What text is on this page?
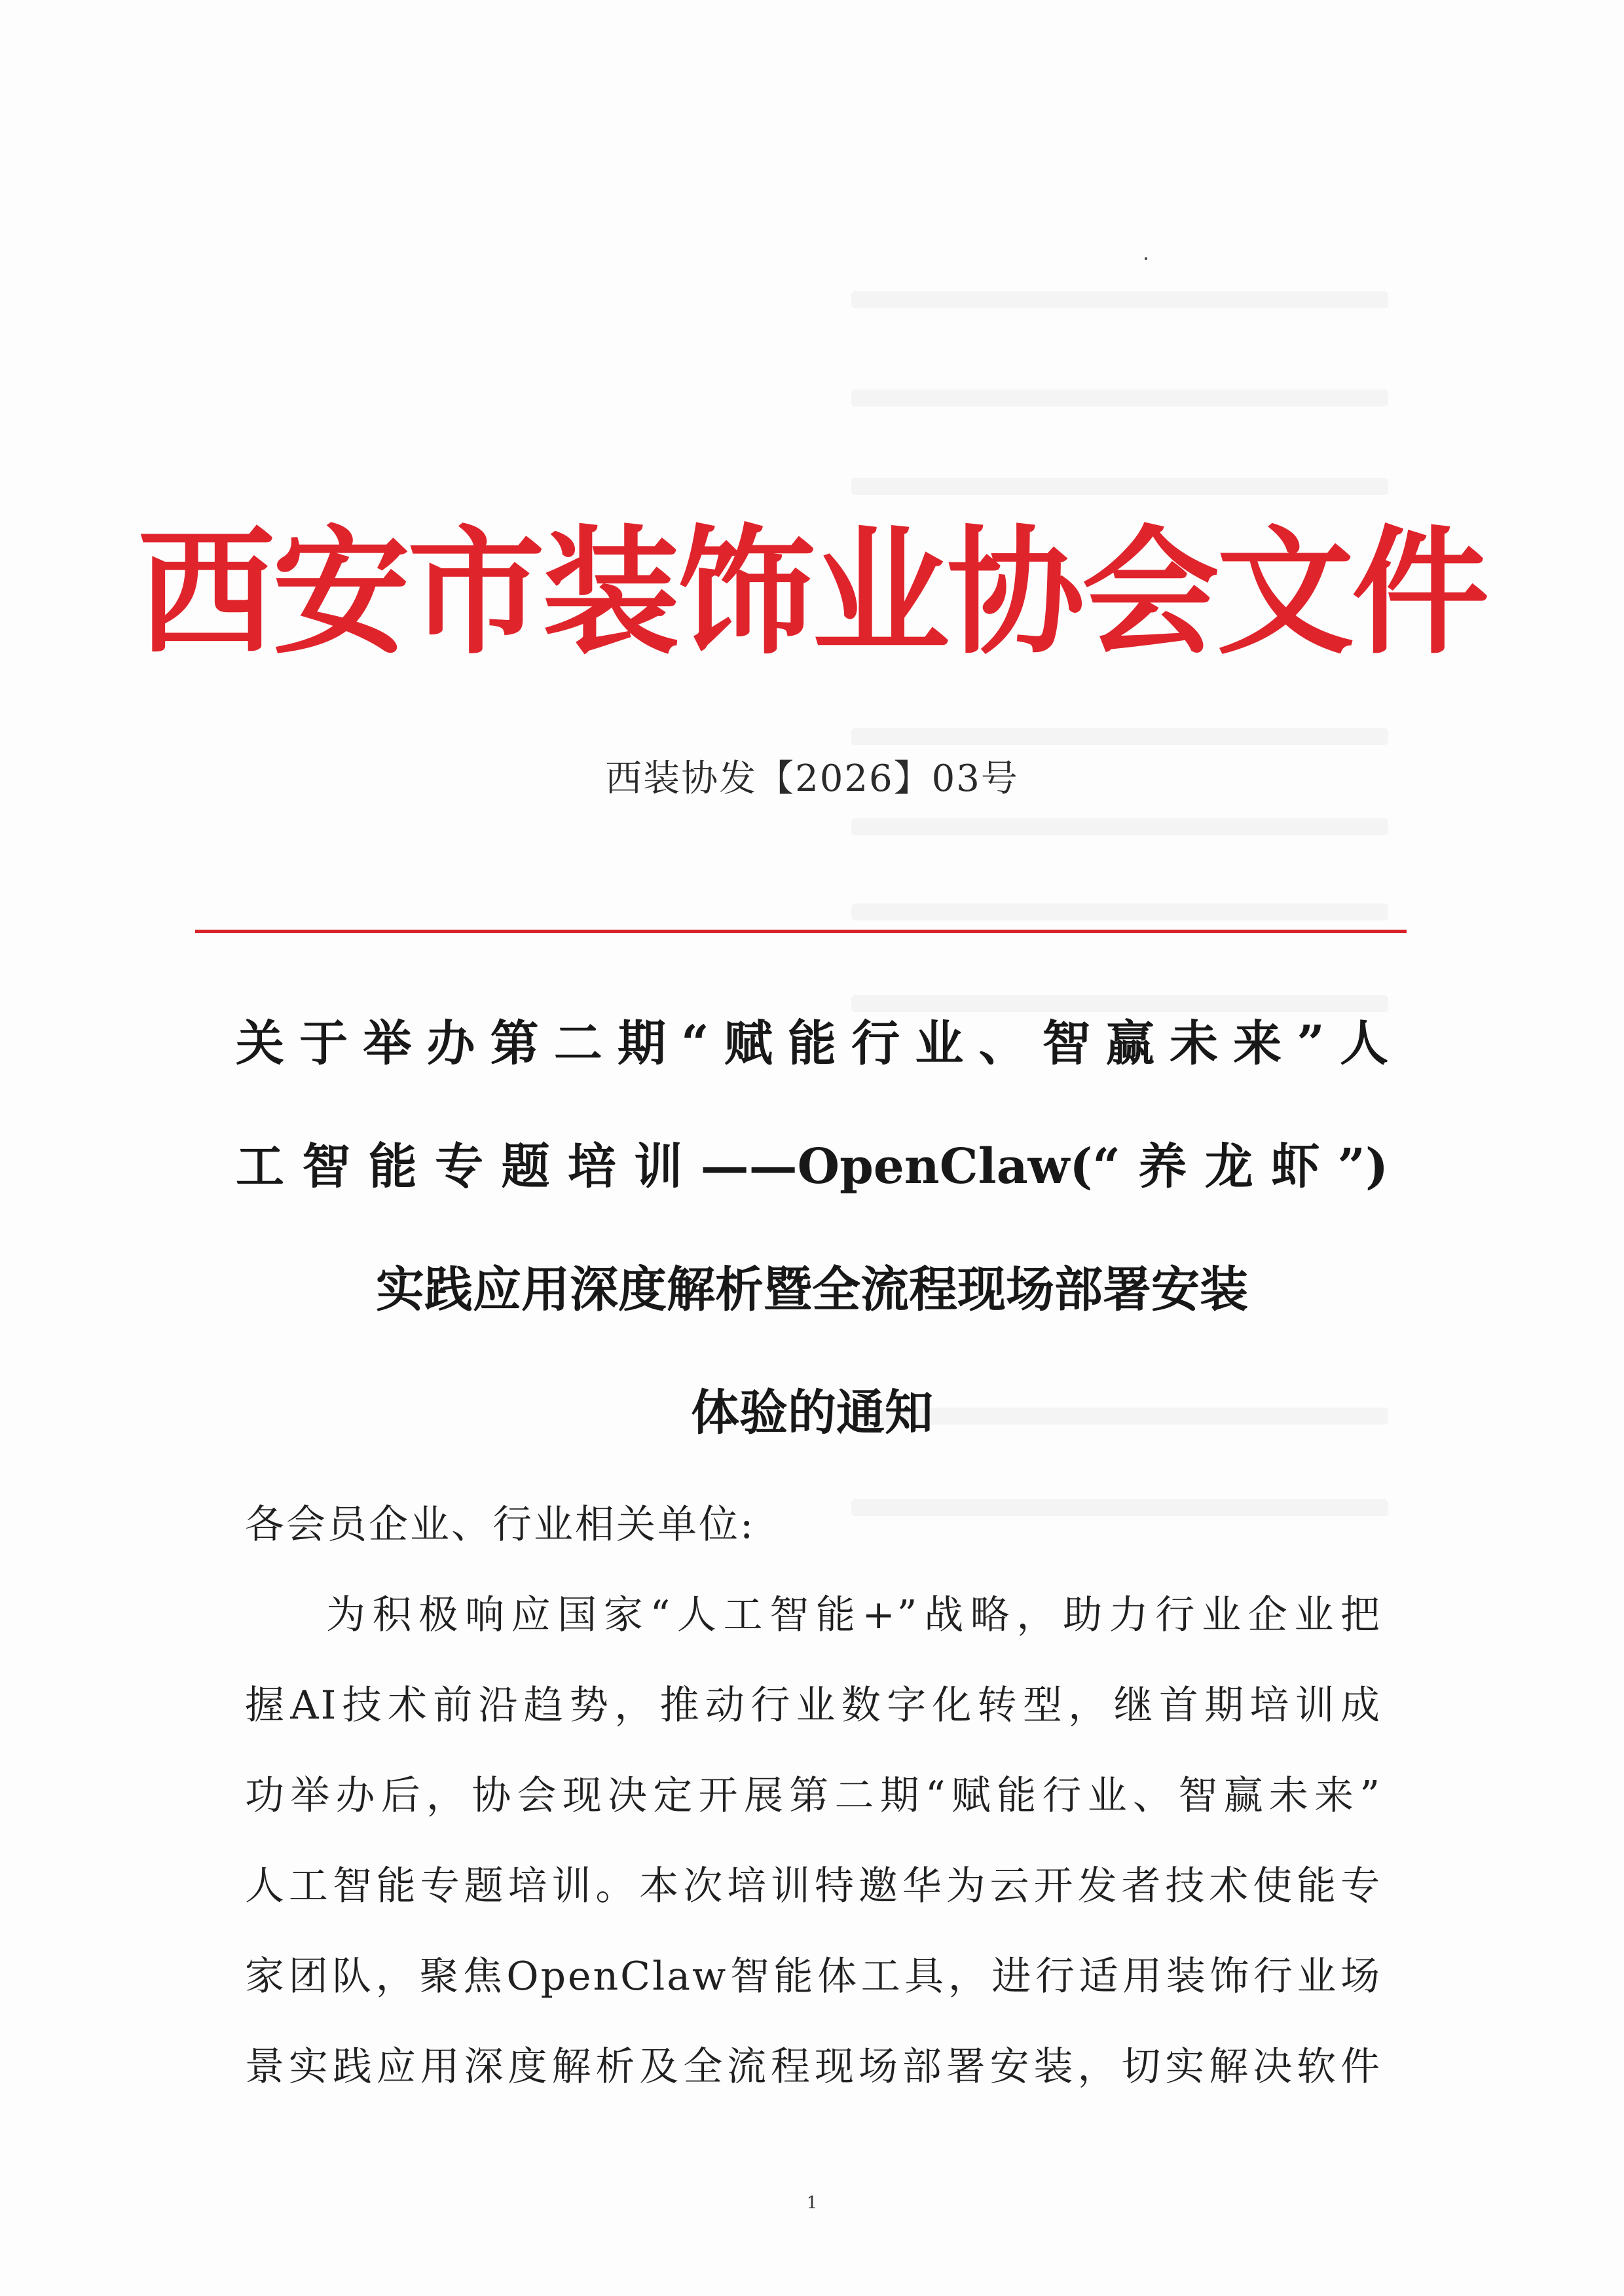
西安市装饰业协会文件
西装协发【2026】03号
关于举办第二期“赋能行业、智赢未来”人
工智能专题培训——OpenClaw(“养龙虾”)
实践应用深度解析暨全流程现场部署安装
体验的通知
各会员企业、行业相关单位:
为积极响应国家“人工智能+”战略，助力行业企业把
握AI技术前沿趋势，推动行业数字化转型，继首期培训成
功举办后，协会现决定开展第二期“赋能行业、智赢未来”
人工智能专题培训。本次培训特邀华为云开发者技术使能专
家团队，聚焦OpenClaw智能体工具，进行适用装饰行业场
景实践应用深度解析及全流程现场部署安装，切实解决软件
1
